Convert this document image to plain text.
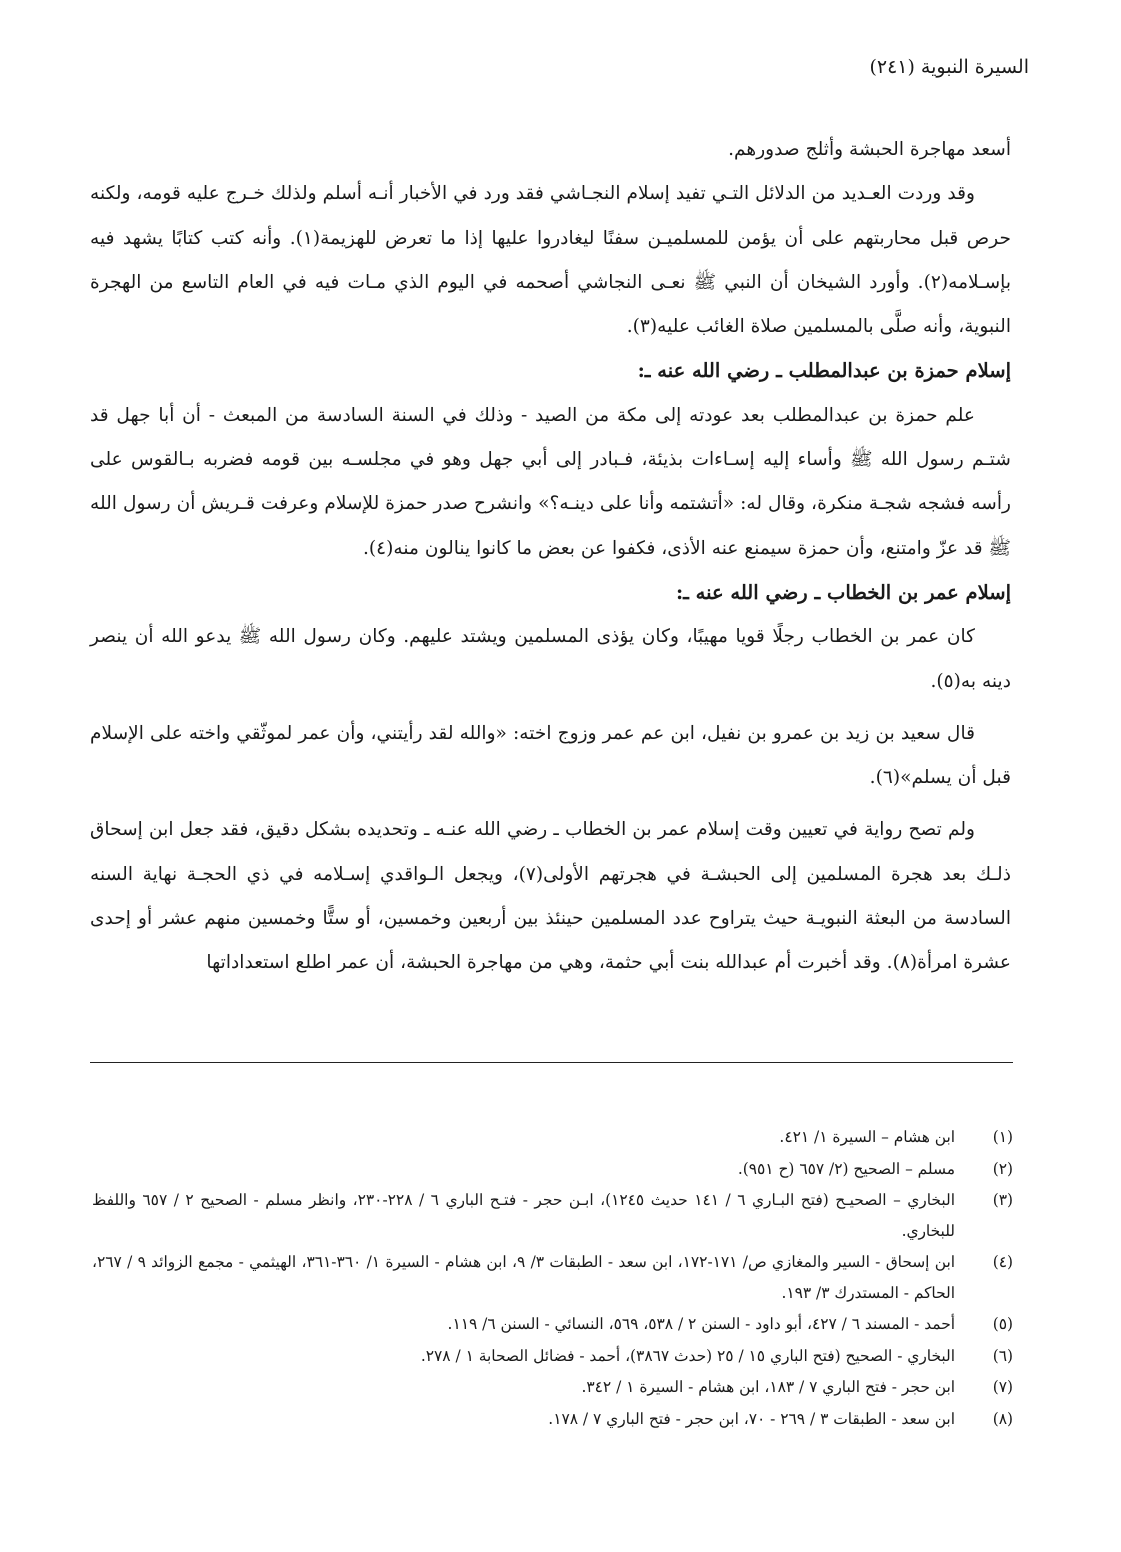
السيرة النبوية (٢٤١)

أسعد مهاجرة الحبشة وأثلج صدورهم.

وقد وردت العـديد من الدلائل التـي تفيد إسلام النجـاشي فقد ورد في الأخبار أنـه أسلم ولذلك خـرج عليه قومه، ولكنه حرص قبل محاربتهم على أن يؤمن للمسلميـن سفنًا ليغادروا عليها إذا ما تعرض للهزيمة(١). وأنه كتب كتابًا يشهد فيه بإسـلامه(٢). وأورد الشيخان أن النبي ﷺ نعـى النجاشي أصحمه في اليوم الذي مـات فيه في العام التاسع من الهجرة النبوية، وأنه صلَّى بالمسلمين صلاة الغائب عليه(٣).

إسلام حمزة بن عبدالمطلب ـ رضي الله عنه ـ:

علم حمزة بن عبدالمطلب بعد عودته إلى مكة من الصيد - وذلك في السنة السادسة من المبعث - أن أبا جهل قد شتـم رسول الله ﷺ وأساء إليه إسـاءات بذيئة، فـبادر إلى أبي جهل وهو في مجلسـه بين قومه فضربه بـالقوس على رأسه فشجه شجـة منكرة، وقال له: «أتشتمه وأنا على دينـه؟» وانشرح صدر حمزة للإسلام وعرفت قـريش أن رسول الله ﷺ قد عزّ وامتنع، وأن حمزة سيمنع عنه الأذى، فكفوا عن بعض ما كانوا ينالون منه(٤).

إسلام عمر بن الخطاب ـ رضي الله عنه ـ:

كان عمر بن الخطاب رجلًا قويا مهيبًا، وكان يؤذى المسلمين ويشتد عليهم. وكان رسول الله ﷺ يدعو الله أن ينصر دينه به(٥).

قال سعيد بن زيد بن عمرو بن نفيل، ابن عم عمر وزوج اخته: «والله لقد رأيتني، وأن عمر لموثّقي واخته على الإسلام قبل أن يسلم»(٦).

ولم تصح رواية في تعيين وقت إسلام عمر بن الخطاب ـ رضي الله عنـه ـ وتحديده بشكل دقيق، فقد جعل ابن إسحاق ذلـك بعد هجرة المسلمين إلى الحبشـة في هجرتهم الأولى(٧)، ويجعل الـواقدي إسـلامه في ذي الحجـة نهاية السنه السادسة من البعثة النبويـة حيث يتراوح عدد المسلمين حينئذ بين أربعين وخمسين، أو ستًّا وخمسين منهم عشر أو إحدى عشرة امرأة(٨). وقد أخبرت أم عبدالله بنت أبي حثمة، وهي من مهاجرة الحبشة، أن عمر اطلع استعداداتها

(١)
ابن هشام – السيرة ١/ ٤٢١.
(٢)
مسلم – الصحيح (٢/ ٦٥٧ (ح ٩٥١).
(٣)
البخاري – الصحيـح (فتح البـاري ٦ / ١٤١ حديث ١٢٤٥)، ابـن حجر - فتـح الباري ٦ / ٢٢٨-٢٣٠، وانظر مسلم - الصحيح ٢ / ٦٥٧ واللفظ للبخاري.
(٤)
ابن إسحاق - السير والمغازي ص/ ١٧١-١٧٢، ابن سعد - الطبقات ٣/ ٩، ابن هشام - السيرة ١/ ٣٦٠-٣٦١، الهيثمي - مجمع الزوائد ٩ / ٢٦٧، الحاكم - المستدرك ٣/ ١٩٣.
(٥)
أحمد - المسند ٦ / ٤٢٧، أبو داود - السنن ٢ / ٥٣٨، ٥٦٩، النسائي - السنن ٦/ ١١٩.
(٦)
البخاري - الصحيح (فتح الباري ١٥ / ٢٥ (حدث ٣٨٦٧)، أحمد - فضائل الصحابة ١ / ٢٧٨.
(٧)
ابن حجر - فتح الباري ٧ / ١٨٣، ابن هشام - السيرة ١ / ٣٤٢.
(٨)
ابن سعد - الطبقات ٣ / ٢٦٩ - ٧٠، ابن حجر - فتح الباري ٧ / ١٧٨.
